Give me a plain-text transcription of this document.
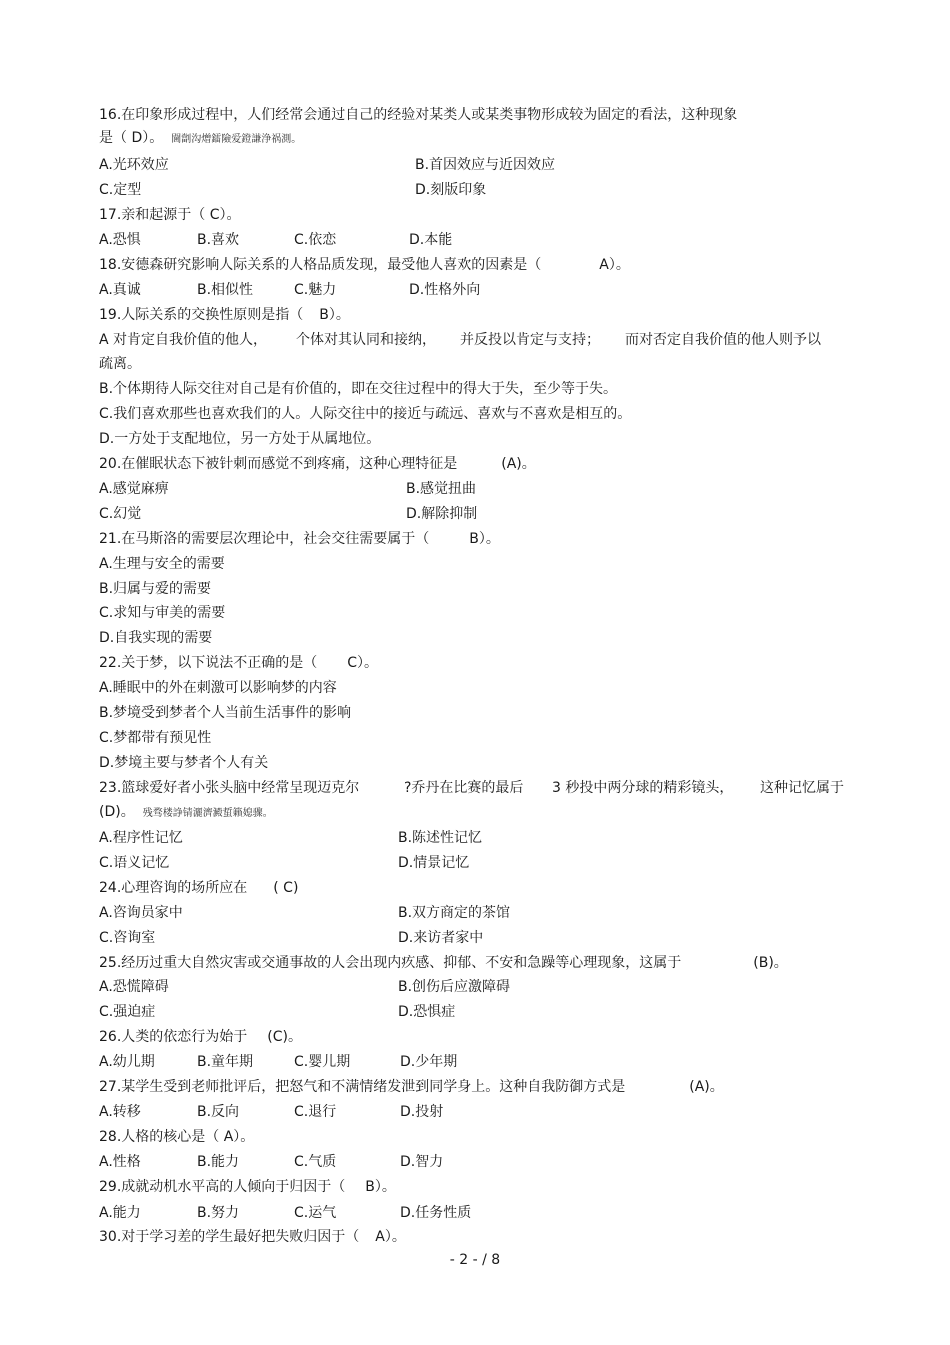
16.在印象形成过程中，人们经常会通过自己的经验对某类人或某类事物形成较为固定的看法，这种现象
是（ D）。 閫劏沟熷鐳險爱鐙謙浄祸測。
A.光环效应	B.首因效应与近因效应
C.定型	D.刻版印象
17.亲和起源于（ C）。
A.恐惧	B.喜欢	C.依恋	D.本能
18.安德森研究影响人际关系的人格品质发现，最受他人喜欢的因素是（	A）。
A.真诚	B.相似性	C.魅力	D.性格外向
19.人际关系的交换性原则是指（ B）。
A 对肯定自我价值的他人， 个体对其认同和接纳， 并反投以肯定与支持； 而对否定自我价值的他人则予以
疏离。
B.个体期待人际交往对自己是有价值的，即在交往过程中的得大于失，至少等于失。
C.我们喜欢那些也喜欢我们的人。人际交往中的接近与疏远、喜欢与不喜欢是相互的。
D.一方处于支配地位，另一方处于从属地位。
20.在催眠状态下被针刺而感觉不到疼痛，这种心理特征是	(A)。
A.感觉麻痹	B.感觉扭曲
C.幻觉	D.解除抑制
21.在马斯洛的需要层次理论中，社会交往需要属于（	B）。
A.生理与安全的需要
B.归属与爱的需要
C.求知与审美的需要
D.自我实现的需要
22.关于梦，以下说法不正确的是（ C）。
A.睡眠中的外在刺激可以影响梦的内容
B.梦境受到梦者个人当前生活事件的影响
C.梦都带有预见性
D.梦境主要与梦者个人有关
23.篮球爱好者小张头脑中经常呈现迈克尔	?乔丹在比赛的最后 3 秒投中两分球的精彩镜头， 这种记忆属于
(D)。 残骛楼諍锖灑濟澱蜇籟媳骤。
A.程序性记忆	B.陈述性记忆
C.语义记忆	D.情景记忆
24.心理咨询的场所应在 ( C)
A.咨询员家中	B.双方商定的茶馆
C.咨询室	D.来访者家中
25.经历过重大自然灾害或交通事故的人会出现内疚感、抑郁、不安和急躁等心理现象，这属于	(B)。
A.恐慌障碍	B.创伤后应激障碍
C.强迫症	D.恐惧症
26.人类的依恋行为始于 (C)。
A.幼儿期	B.童年期	C.婴儿期	D.少年期
27.某学生受到老师批评后，把怒气和不满情绪发泄到同学身上。这种自我防御方式是	(A)。
A.转移	B.反向	C.退行	D.投射
28.人格的核心是（ A）。
A.性格	B.能力	C.气质	D.智力
29.成就动机水平高的人倾向于归因于（ B）。
A.能力	B.努力	C.运气	D.任务性质
30.对于学习差的学生最好把失败归因于（ A）。
- 2 - / 8
